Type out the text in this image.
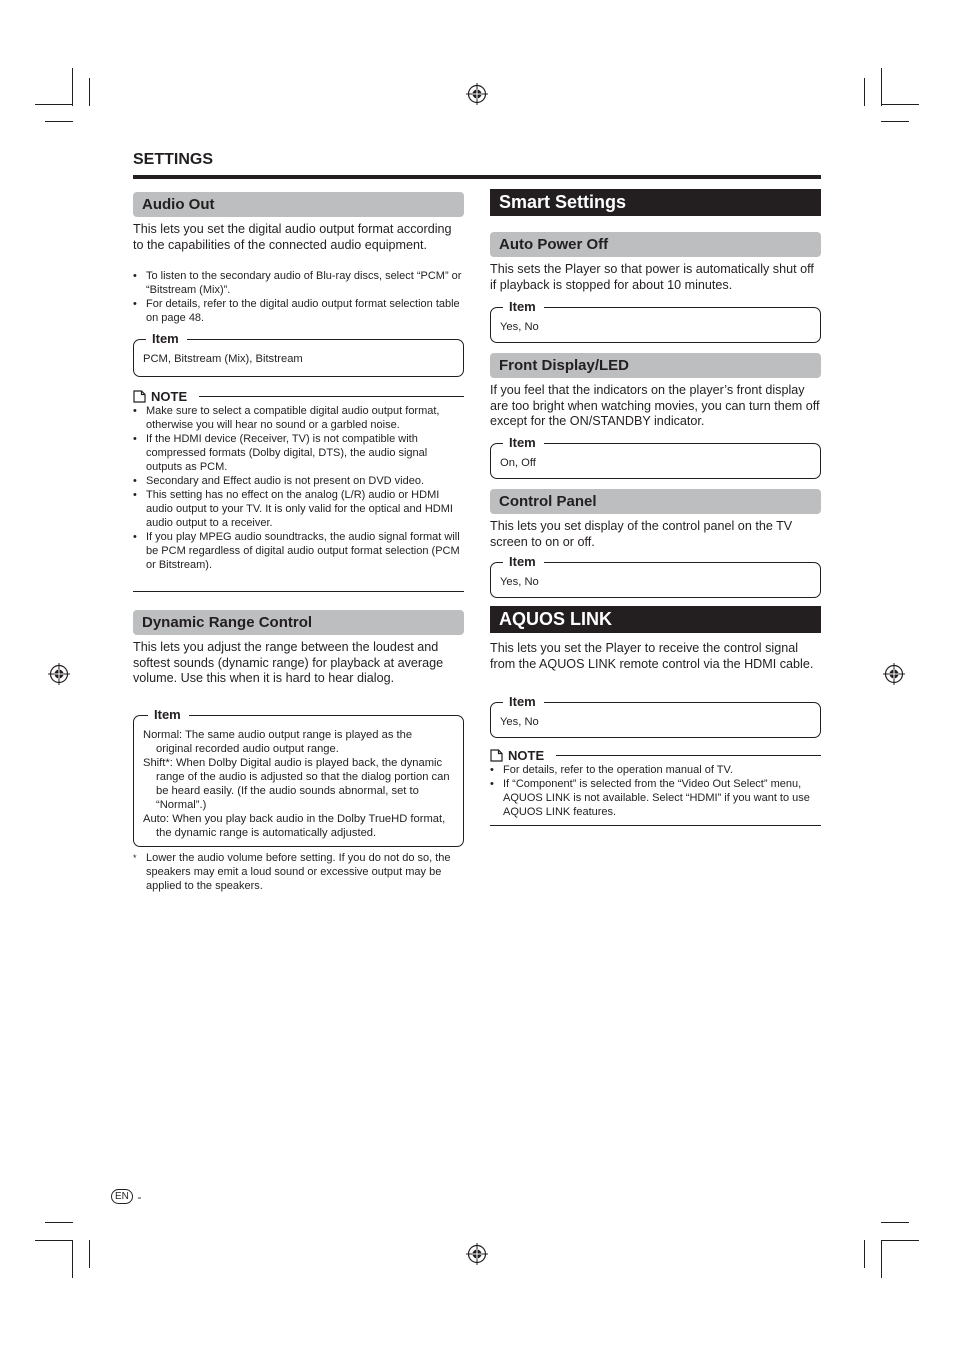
SETTINGS
Audio Out
This lets you set the digital audio output format according to the capabilities of the connected audio equipment.
• To listen to the secondary audio of Blu-ray discs, select “PCM” or “Bitstream (Mix)”.
• For details, refer to the digital audio output format selection table on page 48.
Item
PCM, Bitstream (Mix), Bitstream
NOTE
• Make sure to select a compatible digital audio output format, otherwise you will hear no sound or a garbled noise.
• If the HDMI device (Receiver, TV) is not compatible with compressed formats (Dolby digital, DTS), the audio signal outputs as PCM.
• Secondary and Effect audio is not present on DVD video.
• This setting has no effect on the analog (L/R) audio or HDMI audio output to your TV. It is only valid for the optical and HDMI audio output to a receiver.
• If you play MPEG audio soundtracks, the audio signal format will be PCM regardless of digital audio output format selection (PCM or Bitstream).
Dynamic Range Control
This lets you adjust the range between the loudest and softest sounds (dynamic range) for playback at average volume. Use this when it is hard to hear dialog.
Item
Normal: The same audio output range is played as the original recorded audio output range.
Shift*: When Dolby Digital audio is played back, the dynamic range of the audio is adjusted so that the dialog portion can be heard easily. (If the audio sounds abnormal, set to “Normal”.)
Auto: When you play back audio in the Dolby TrueHD format, the dynamic range is automatically adjusted.
* Lower the audio volume before setting. If you do not do so, the speakers may emit a loud sound or excessive output may be applied to the speakers.
Smart Settings
Auto Power Off
This sets the Player so that power is automatically shut off if playback is stopped for about 10 minutes.
Item
Yes, No
Front Display/LED
If you feel that the indicators on the player’s front display are too bright when watching movies, you can turn them off except for the ON/STANDBY indicator.
Item
On, Off
Control Panel
This lets you set display of the control panel on the TV screen to on or off.
Item
Yes, No
AQUOS LINK
This lets you set the Player to receive the control signal from the AQUOS LINK remote control via the HDMI cable.
Item
Yes, No
NOTE
• For details, refer to the operation manual of TV.
• If “Component” is selected from the “Video Out Select” menu, AQUOS LINK is not available. Select “HDMI” if you want to use AQUOS LINK features.
EN -
